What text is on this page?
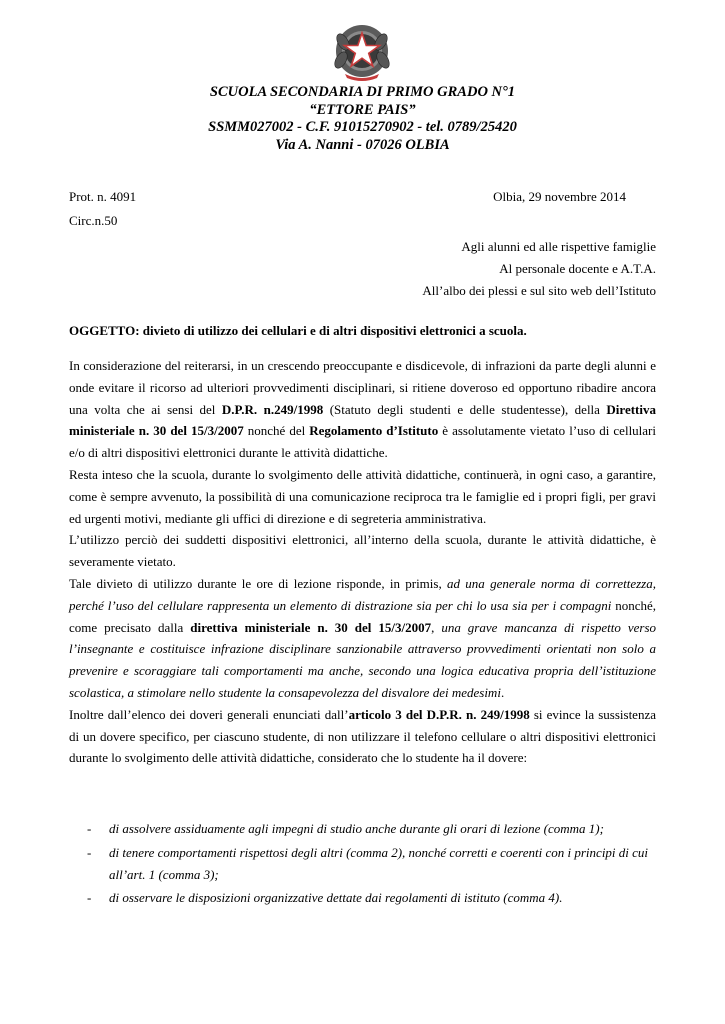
SCUOLA SECONDARIA DI PRIMO GRADO N°1
“ETTORE PAIS”
SSMM027002 - C.F. 91015270902 - tel. 0789/25420
Via A. Nanni - 07026 OLBIA
Prot. n. 4091	Olbia, 29 novembre 2014
Circ.n.50
Agli alunni ed alle rispettive famiglie
Al personale docente e A.T.A.
All’albo dei plessi e sul sito web dell’Istituto
OGGETTO: divieto di utilizzo dei cellulari e di altri dispositivi elettronici a scuola.

In considerazione del reiterarsi, in un crescendo preoccupante e disdicevole, di infrazioni da parte degli alunni e onde evitare il ricorso ad ulteriori provvedimenti disciplinari, si ritiene doveroso ed opportuno ribadire ancora una volta che ai sensi del D.P.R. n.249/1998 (Statuto degli studenti e delle studentesse), della Direttiva ministeriale n. 30 del 15/3/2007 nonché del Regolamento d’Istituto è assolutamente vietato l’uso di cellulari e/o di altri dispositivi elettronici durante le attività didattiche.

Resta inteso che la scuola, durante lo svolgimento delle attività didattiche, continuerà, in ogni caso, a garantire, come è sempre avvenuto, la possibilità di una comunicazione reciproca tra le famiglie ed i propri figli, per gravi ed urgenti motivi, mediante gli uffici di direzione e di segreteria amministrativa.

L’utilizzo perciò dei suddetti dispositivi elettronici, all’interno della scuola, durante le attività didattiche, è severamente vietato.

Tale divieto di utilizzo durante le ore di lezione risponde, in primis, ad una generale norma di correttezza, perché l’uso del cellulare rappresenta un elemento di distrazione sia per chi lo usa sia per i compagni nonché, come precisato dalla direttiva ministeriale n. 30 del 15/3/2007, una grave mancanza di rispetto verso l’insegnante e costituisce infrazione disciplinare sanzionabile attraverso provvedimenti orientati non solo a prevenire e scoraggiare tali comportamenti ma anche, secondo una logica educativa propria dell’istituzione scolastica, a stimolare nello studente la consapevolezza del disvalore dei medesimi.

Inoltre dall’elenco dei doveri generali enunciati dall’articolo 3 del D.P.R. n. 249/1998 si evince la sussistenza di un dovere specifico, per ciascuno studente, di non utilizzare il telefono cellulare o altri dispositivi elettronici durante lo svolgimento delle attività didattiche, considerato che lo studente ha il dovere:

-	di assolvere assiduamente agli impegni di studio anche durante gli orari di lezione (comma 1);
-	di tenere comportamenti rispettosi degli altri (comma 2), nonché corretti e coerenti con i principi di cui all’art. 1 (comma 3);
-	di osservare le disposizioni organizzative dettate dai regolamenti di istituto (comma 4).
